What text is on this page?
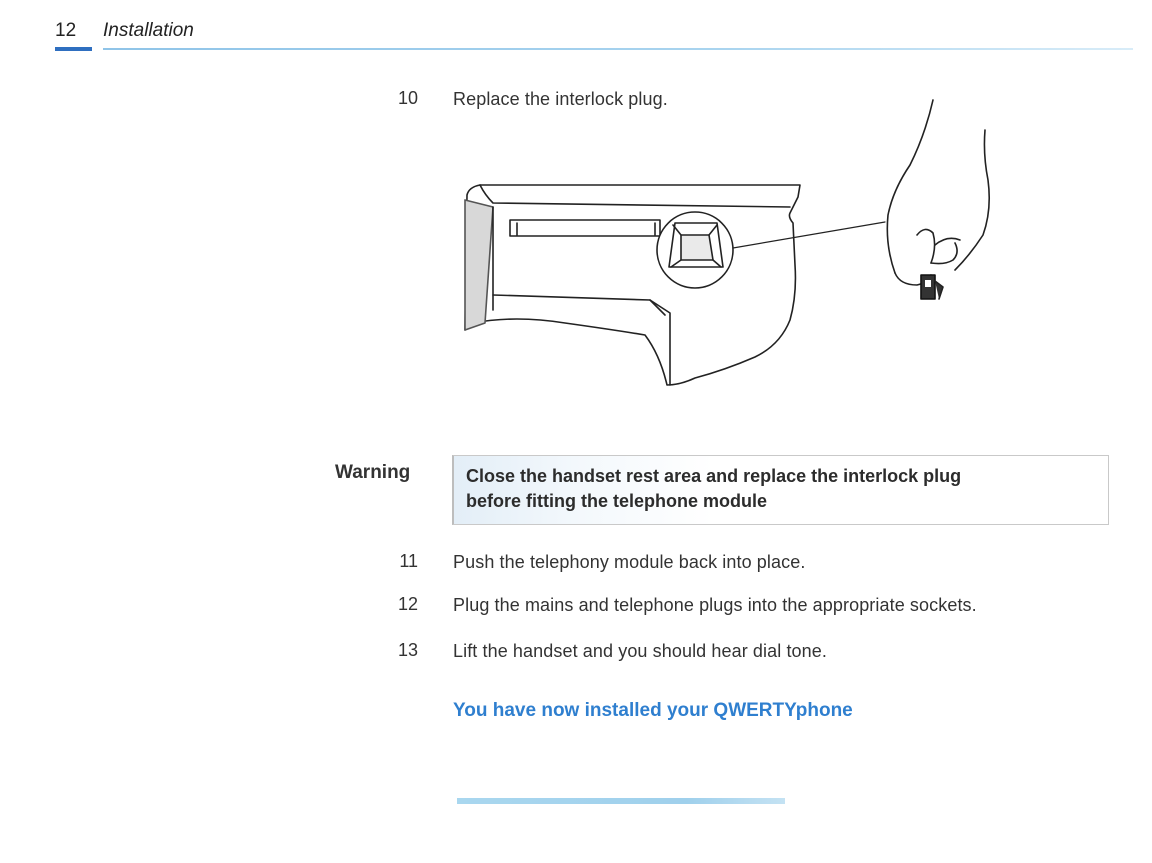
12 Installation
10 Replace the interlock plug.
Warning	Close the handset rest area and replace the interlock plug
before fitting the telephone module
11 Push the telephony module back into place.
12 Plug the mains and telephone plugs into the appropriate sockets.
13 Lift the handset and you should hear dial tone.
You have now installed your QWERTYphone
